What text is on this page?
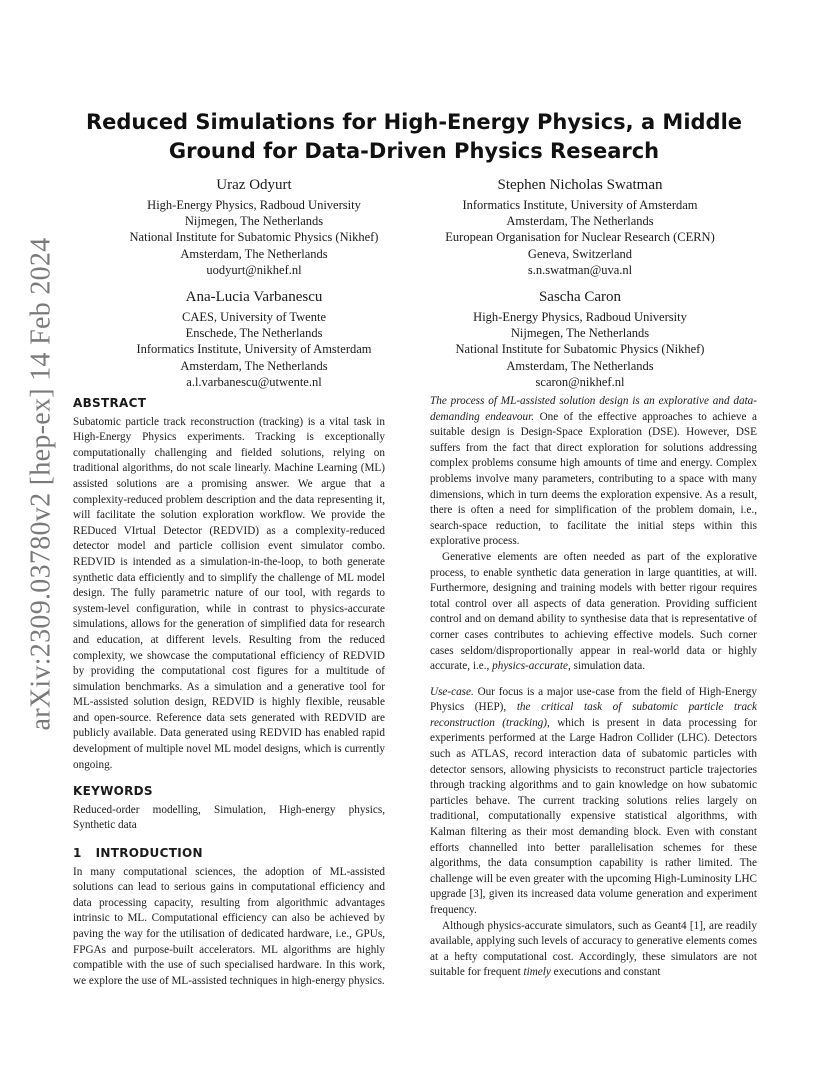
arXiv:2309.03780v2 [hep-ex] 14 Feb 2024
Reduced Simulations for High-Energy Physics, a Middle Ground for Data-Driven Physics Research
Uraz Odyurt
High-Energy Physics, Radboud University
Nijmegen, The Netherlands
National Institute for Subatomic Physics (Nikhef)
Amsterdam, The Netherlands
uodyurt@nikhef.nl
Stephen Nicholas Swatman
Informatics Institute, University of Amsterdam
Amsterdam, The Netherlands
European Organisation for Nuclear Research (CERN)
Geneva, Switzerland
s.n.swatman@uva.nl
Ana-Lucia Varbanescu
CAES, University of Twente
Enschede, The Netherlands
Informatics Institute, University of Amsterdam
Amsterdam, The Netherlands
a.l.varbanescu@utwente.nl
Sascha Caron
High-Energy Physics, Radboud University
Nijmegen, The Netherlands
National Institute for Subatomic Physics (Nikhef)
Amsterdam, The Netherlands
scaron@nikhef.nl
ABSTRACT

Subatomic particle track reconstruction (tracking) is a vital task in High-Energy Physics experiments. Tracking is exceptionally computationally challenging and fielded solutions, relying on traditional algorithms, do not scale linearly. Machine Learning (ML) assisted solutions are a promising answer. We argue that a complexity-reduced problem description and the data representing it, will facilitate the solution exploration workflow. We provide the REDuced VIrtual Detector (REDVID) as a complexity-reduced detector model and particle collision event simulator combo. REDVID is intended as a simulation-in-the-loop, to both generate synthetic data efficiently and to simplify the challenge of ML model design. The fully parametric nature of our tool, with regards to system-level configuration, while in contrast to physics-accurate simulations, allows for the generation of simplified data for research and education, at different levels. Resulting from the reduced complexity, we showcase the computational efficiency of REDVID by providing the computational cost figures for a multitude of simulation benchmarks. As a simulation and a generative tool for ML-assisted solution design, REDVID is highly flexible, reusable and open-source. Reference data sets generated with REDVID are publicly available. Data generated using REDVID has enabled rapid development of multiple novel ML model designs, which is currently ongoing.

KEYWORDS

Reduced-order modelling, Simulation, High-energy physics, Synthetic data

1 INTRODUCTION

In many computational sciences, the adoption of ML-assisted solutions can lead to serious gains in computational efficiency and data processing capacity, resulting from algorithmic advantages intrinsic to ML. Computational efficiency can also be achieved by paving the way for the utilisation of dedicated hardware, i.e., GPUs, FPGAs and purpose-built accelerators. ML algorithms are highly compatible with the use of such specialised hardware. In this work, we explore the use of ML-assisted techniques in high-energy physics.

The process of ML-assisted solution design is an explorative and data-demanding endeavour. One of the effective approaches to achieve a suitable design is Design-Space Exploration (DSE). However, DSE suffers from the fact that direct exploration for solutions addressing complex problems consume high amounts of time and energy. Complex problems involve many parameters, contributing to a space with many dimensions, which in turn deems the exploration expensive. As a result, there is often a need for simplification of the problem domain, i.e., search-space reduction, to facilitate the initial steps within this explorative process.

Generative elements are often needed as part of the explorative process, to enable synthetic data generation in large quantities, at will. Furthermore, designing and training models with better rigour requires total control over all aspects of data generation. Providing sufficient control and on demand ability to synthesise data that is representative of corner cases contributes to achieving effective models. Such corner cases seldom/disproportionally appear in real-world data or highly accurate, i.e., physics-accurate, simulation data.

Use-case. Our focus is a major use-case from the field of High-Energy Physics (HEP), the critical task of subatomic particle track reconstruction (tracking), which is present in data processing for experiments performed at the Large Hadron Collider (LHC). Detectors such as ATLAS, record interaction data of subatomic particles with detector sensors, allowing physicists to reconstruct particle trajectories through tracking algorithms and to gain knowledge on how subatomic particles behave. The current tracking solutions relies largely on traditional, computationally expensive statistical algorithms, with Kalman filtering as their most demanding block. Even with constant efforts channelled into better parallelisation schemes for these algorithms, the data consumption capability is rather limited. The challenge will be even greater with the upcoming High-Luminosity LHC upgrade [3], given its increased data volume generation and experiment frequency.

Although physics-accurate simulators, such as Geant4 [1], are readily available, applying such levels of accuracy to generative elements comes at a hefty computational cost. Accordingly, these simulators are not suitable for frequent timely executions and constant
